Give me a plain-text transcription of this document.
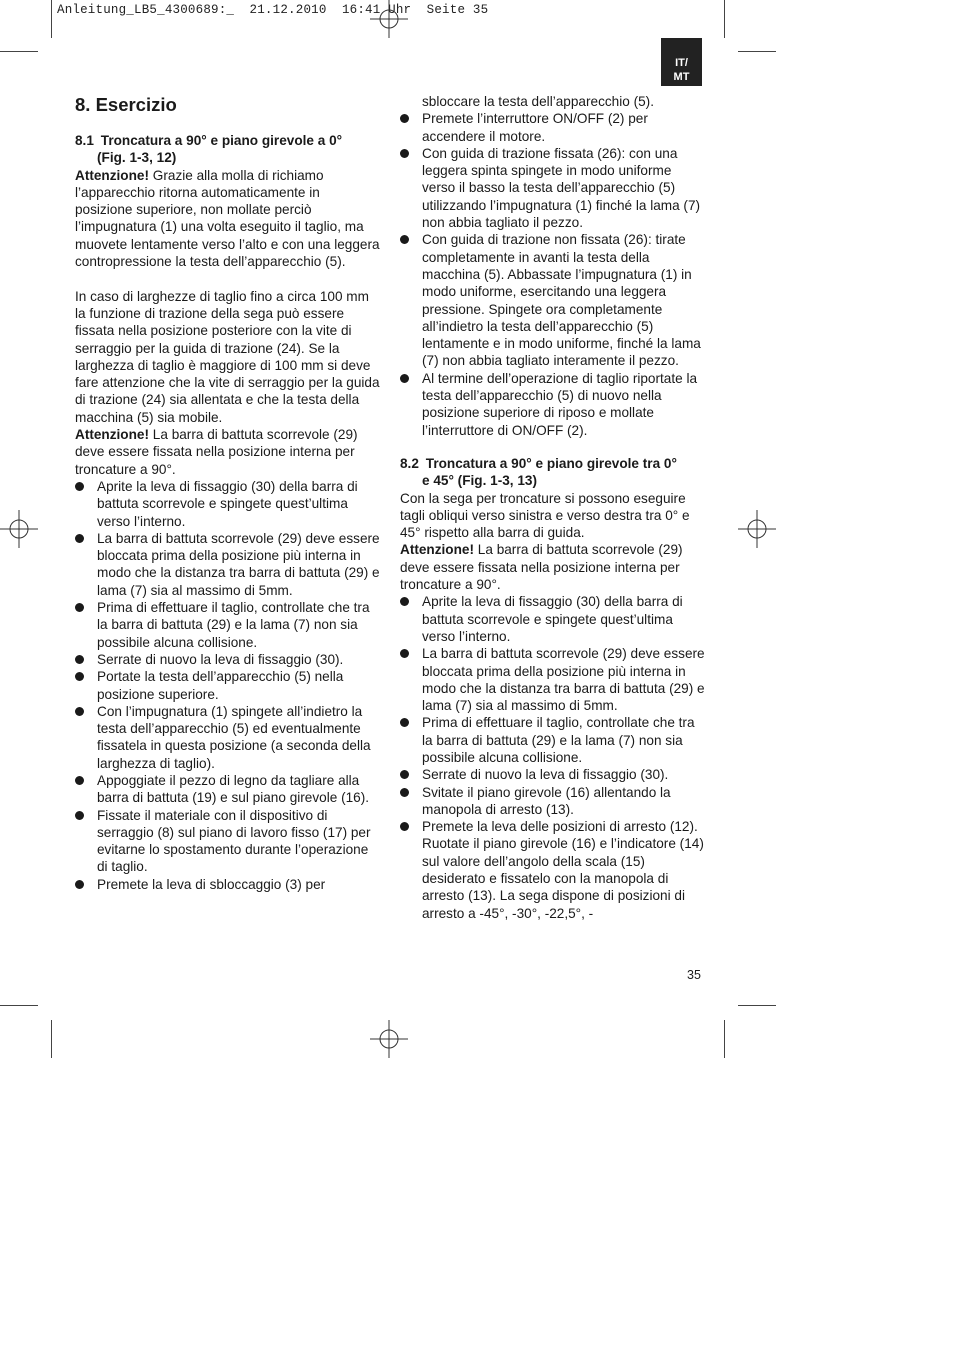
Anleitung_LB5_4300689:_  21.12.2010  16:41 Uhr  Seite 35
IT/
MT
8. Esercizio
8.1 Troncatura a 90° e piano girevole a 0°
(Fig. 1-3, 12)

Attenzione! Grazie alla molla di richiamo l’apparecchio ritorna automaticamente in posizione superiore, non mollate perciò l’impugnatura (1) una volta eseguito il taglio, ma muovete lentamente verso l’alto e con una leggera contropressione la testa dell’apparecchio (5).

In caso di larghezze di taglio fino a circa 100 mm la funzione di trazione della sega può essere fissata nella posizione posteriore con la vite di serraggio per la guida di trazione (24). Se la larghezza di taglio è maggiore di 100 mm si deve fare attenzione che la vite di serraggio per la guida di trazione (24) sia allentata e che la testa della macchina (5) sia mobile.

Attenzione! La barra di battuta scorrevole (29) deve essere fissata nella posizione interna per troncature a 90°.

Aprite la leva di fissaggio (30) della barra di battuta scorrevole e spingete quest’ultima verso l’interno.
La barra di battuta scorrevole (29) deve essere bloccata prima della posizione più interna in modo che la distanza tra barra di battuta (29) e lama (7) sia al massimo di 5mm.
Prima di effettuare il taglio, controllate che tra la barra di battuta (29) e la lama (7) non sia possibile alcuna collisione.
Serrate di nuovo la leva di fissaggio (30).
Portate la testa dell’apparecchio (5) nella posizione superiore.
Con l’impugnatura (1) spingete all’indietro la testa dell’apparecchio (5) ed eventualmente fissatela in questa posizione (a seconda della larghezza di taglio).
Appoggiate il pezzo di legno da tagliare alla barra di battuta (19) e sul piano girevole (16).
Fissate il materiale con il dispositivo di serraggio (8) sul piano di lavoro fisso (17) per evitarne lo spostamento durante l’operazione di taglio.
Premete la leva di sbloccaggio (3) per

sbloccare la testa dell’apparecchio (5).

Premete l’interruttore ON/OFF (2) per accendere il motore.
Con guida di trazione fissata (26): con una leggera spinta spingete in modo uniforme verso il basso la testa dell’apparecchio (5) utilizzando l’impugnatura (1) finché la lama (7) non abbia tagliato il pezzo.
Con guida di trazione non fissata (26): tirate completamente in avanti la testa della macchina (5). Abbassate l’impugnatura (1) in modo uniforme, esercitando una leggera pressione. Spingete ora completamente all’indietro la testa dell’apparecchio (5) lentamente e in modo uniforme, finché la lama (7) non abbia tagliato interamente il pezzo.
Al termine dell’operazione di taglio riportate la testa dell’apparecchio (5) di nuovo nella posizione superiore di riposo e mollate l’interruttore di ON/OFF (2).
8.2 Troncatura a 90° e piano girevole tra 0°
e 45° (Fig. 1-3, 13)

Con la sega per troncature si possono eseguire tagli obliqui verso sinistra e verso destra tra 0° e 45° rispetto alla barra di guida.

Attenzione! La barra di battuta scorrevole (29) deve essere fissata nella posizione interna per troncature a 90°.

Aprite la leva di fissaggio (30) della barra di battuta scorrevole e spingete quest’ultima verso l’interno.
La barra di battuta scorrevole (29) deve essere bloccata prima della posizione più interna in modo che la distanza tra barra di battuta (29) e lama (7) sia al massimo di 5mm.
Prima di effettuare il taglio, controllate che tra la barra di battuta (29) e la lama (7) non sia possibile alcuna collisione.
Serrate di nuovo la leva di fissaggio (30).
Svitate il piano girevole (16) allentando la manopola di arresto (13).
Premete la leva delle posizioni di arresto (12). Ruotate il piano girevole (16) e l’indicatore (14) sul valore dell’angolo della scala (15) desiderato e fissatelo con la manopola di arresto (13). La sega dispone di posizioni di arresto a -45°, -30°, -22,5°, -
35
